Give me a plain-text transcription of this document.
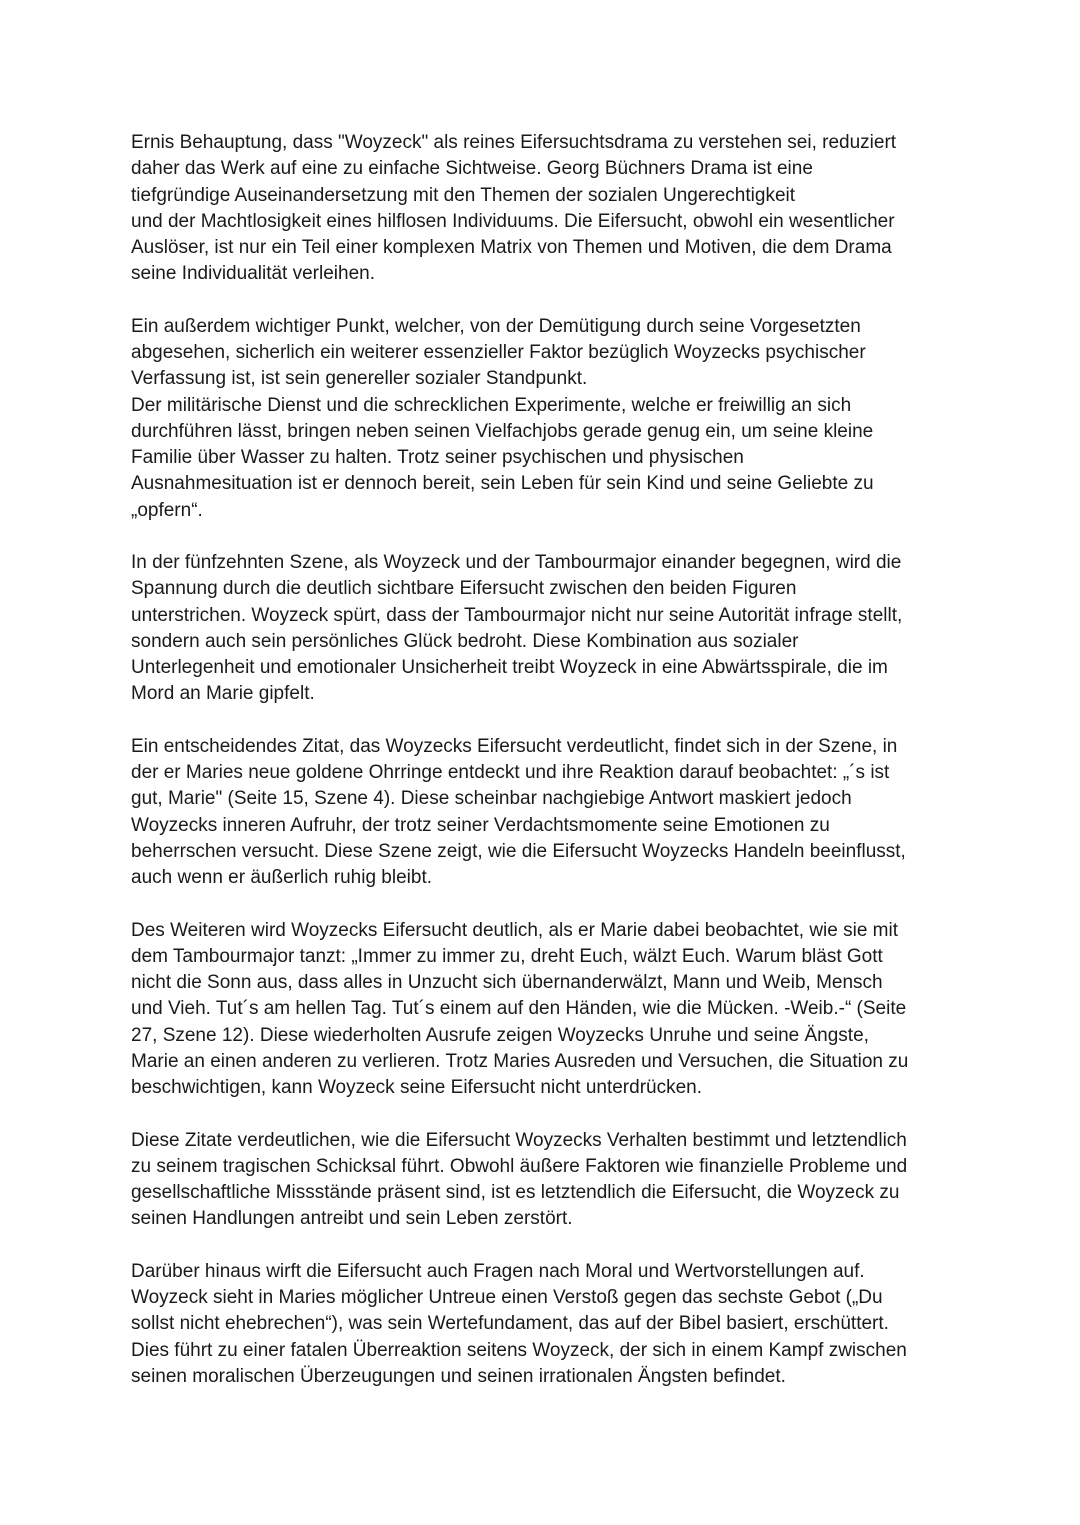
Ernis Behauptung, dass "Woyzeck" als reines Eifersuchtsdrama zu verstehen sei, reduziert
daher das Werk auf eine zu einfache Sichtweise. Georg Büchners Drama ist eine
tiefgründige Auseinandersetzung mit den Themen der sozialen Ungerechtigkeit
und der Machtlosigkeit eines hilflosen Individuums. Die Eifersucht, obwohl ein wesentlicher
Auslöser, ist nur ein Teil einer komplexen Matrix von Themen und Motiven, die dem Drama
seine Individualität verleihen.

Ein außerdem wichtiger Punkt, welcher, von der Demütigung durch seine Vorgesetzten
abgesehen, sicherlich ein weiterer essenzieller Faktor bezüglich Woyzecks psychischer
Verfassung ist, ist sein genereller sozialer Standpunkt.
Der militärische Dienst und die schrecklichen Experimente, welche er freiwillig an sich
durchführen lässt, bringen neben seinen Vielfachjobs gerade genug ein, um seine kleine
Familie über Wasser zu halten. Trotz seiner psychischen und physischen
Ausnahmesituation ist er dennoch bereit, sein Leben für sein Kind und seine Geliebte zu
„opfern“.

In der fünfzehnten Szene, als Woyzeck und der Tambourmajor einander begegnen, wird die
Spannung durch die deutlich sichtbare Eifersucht zwischen den beiden Figuren
unterstrichen. Woyzeck spürt, dass der Tambourmajor nicht nur seine Autorität infrage stellt,
sondern auch sein persönliches Glück bedroht. Diese Kombination aus sozialer
Unterlegenheit und emotionaler Unsicherheit treibt Woyzeck in eine Abwärtsspirale, die im
Mord an Marie gipfelt.

Ein entscheidendes Zitat, das Woyzecks Eifersucht verdeutlicht, findet sich in der Szene, in
der er Maries neue goldene Ohrringe entdeckt und ihre Reaktion darauf beobachtet: „´s ist
gut, Marie" (Seite 15, Szene 4). Diese scheinbar nachgiebige Antwort maskiert jedoch
Woyzecks inneren Aufruhr, der trotz seiner Verdachtsmomente seine Emotionen zu
beherrschen versucht. Diese Szene zeigt, wie die Eifersucht Woyzecks Handeln beeinflusst,
auch wenn er äußerlich ruhig bleibt.

Des Weiteren wird Woyzecks Eifersucht deutlich, als er Marie dabei beobachtet, wie sie mit
dem Tambourmajor tanzt: „Immer zu immer zu, dreht Euch, wälzt Euch. Warum bläst Gott
nicht die Sonn aus, dass alles in Unzucht sich übernanderwälzt, Mann und Weib, Mensch
und Vieh. Tut´s am hellen Tag. Tut´s einem auf den Händen, wie die Mücken. -Weib.-“ (Seite
27, Szene 12). Diese wiederholten Ausrufe zeigen Woyzecks Unruhe und seine Ängste,
Marie an einen anderen zu verlieren. Trotz Maries Ausreden und Versuchen, die Situation zu
beschwichtigen, kann Woyzeck seine Eifersucht nicht unterdrücken.

Diese Zitate verdeutlichen, wie die Eifersucht Woyzecks Verhalten bestimmt und letztendlich
zu seinem tragischen Schicksal führt. Obwohl äußere Faktoren wie finanzielle Probleme und
gesellschaftliche Missstände präsent sind, ist es letztendlich die Eifersucht, die Woyzeck zu
seinen Handlungen antreibt und sein Leben zerstört.

Darüber hinaus wirft die Eifersucht auch Fragen nach Moral und Wertvorstellungen auf.
Woyzeck sieht in Maries möglicher Untreue einen Verstoß gegen das sechste Gebot („Du
sollst nicht ehebrechen“), was sein Wertefundament, das auf der Bibel basiert, erschüttert.
Dies führt zu einer fatalen Überreaktion seitens Woyzeck, der sich in einem Kampf zwischen
seinen moralischen Überzeugungen und seinen irrationalen Ängsten befindet.
